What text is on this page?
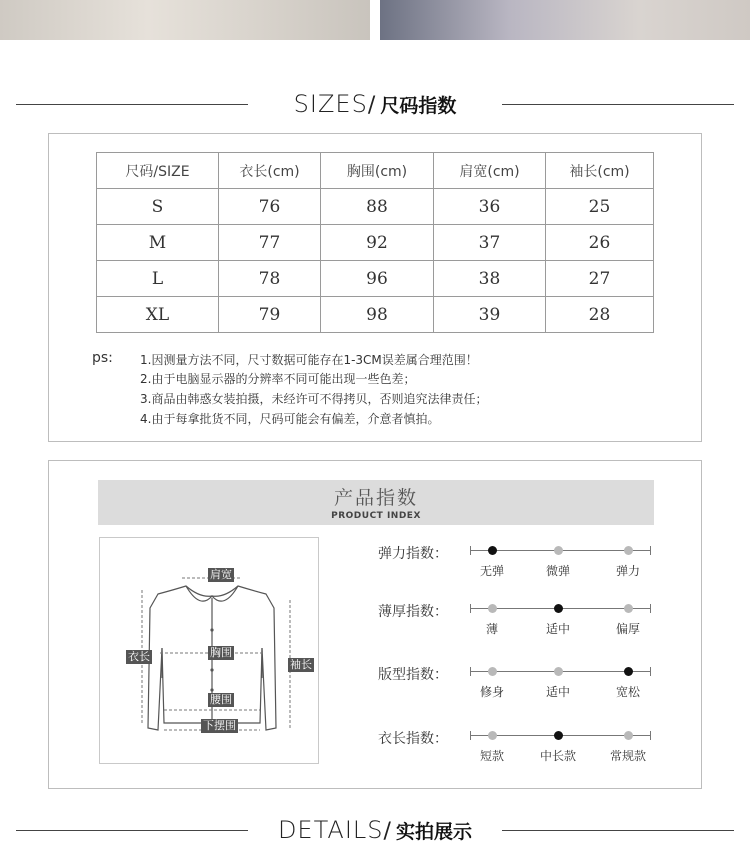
SIZES/ 尺码指数
尺码/SIZE	衣长(cm)	胸围(cm)	肩宽(cm)	袖长(cm)
S	76	88	36	25
M	77	92	37	26
L	78	96	38	27
XL	79	98	39	28
ps: 1.因测量方法不同，尺寸数据可能存在1-3CM误差属合理范围！
2.由于电脑显示器的分辨率不同可能出现一些色差；
3.商品由韩惑女装拍摄，未经许可不得拷贝，否则追究法律责任；
4.由于每拿批货不同，尺码可能会有偏差，介意者慎拍。
产品指数
PRODUCT INDEX
肩宽
胸围
衣长
袖长
腰围
下摆围
弹力指数：
薄厚指数：
版型指数：
衣长指数：
无弹	微弹	弹力
薄	适中	偏厚
修身	适中	宽松
短款	中长款	常规款
DETAILS/ 实拍展示
